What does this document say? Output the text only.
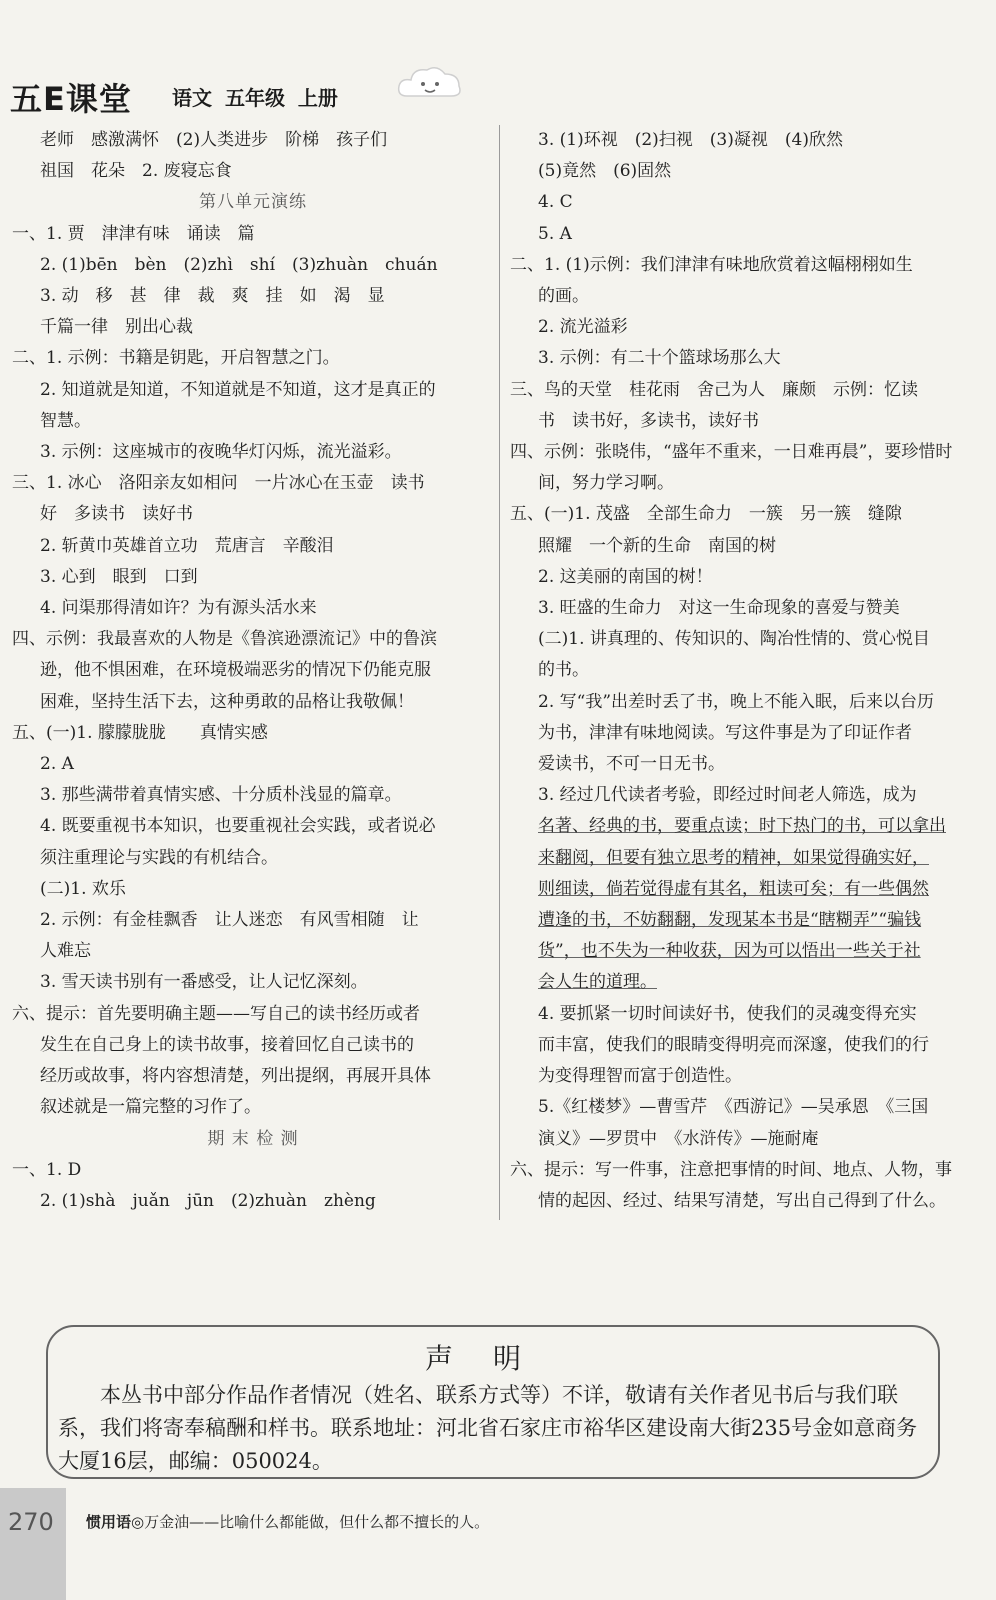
五E课堂 语文 五年级 上册
老师　感激满怀　(2)人类进步　阶梯　孩子们
祖国　花朵　2. 废寝忘食
第八单元演练
一、1. 贾　津津有味　诵读　篇
2. (1)bēn　bèn　(2)zhì　shí　(3)zhuàn　chuán
3. 动　移　甚　律　裁　爽　挂　如　渴　显
千篇一律　别出心裁
二、1. 示例：书籍是钥匙，开启智慧之门。
2. 知道就是知道，不知道就是不知道，这才是真正的
智慧。
3. 示例：这座城市的夜晚华灯闪烁，流光溢彩。
三、1. 冰心　洛阳亲友如相问　一片冰心在玉壶　读书
好　多读书　读好书
2. 斩黄巾英雄首立功　荒唐言　辛酸泪
3. 心到　眼到　口到
4. 问渠那得清如许？为有源头活水来
四、示例：我最喜欢的人物是《鲁滨逊漂流记》中的鲁滨
逊，他不惧困难，在环境极端恶劣的情况下仍能克服
困难，坚持生活下去，这种勇敢的品格让我敬佩！
五、(一)1. 朦朦胧胧　　真情实感
2. A
3. 那些满带着真情实感、十分质朴浅显的篇章。
4. 既要重视书本知识，也要重视社会实践，或者说必
须注重理论与实践的有机结合。
(二)1. 欢乐
2. 示例：有金桂飘香　让人迷恋　有风雪相随　让
人难忘
3. 雪天读书别有一番感受，让人记忆深刻。
六、提示：首先要明确主题——写自己的读书经历或者
发生在自己身上的读书故事，接着回忆自己读书的
经历或故事，将内容想清楚，列出提纲，再展开具体
叙述就是一篇完整的习作了。
期 末 检 测
一、1. D
2. (1)shà　juǎn　jūn　(2)zhuàn　zhèng
3. (1)环视　(2)扫视　(3)凝视　(4)欣然
(5)竟然　(6)固然
4. C
5. A
二、1. (1)示例：我们津津有味地欣赏着这幅栩栩如生
的画。
2. 流光溢彩
3. 示例：有二十个篮球场那么大
三、鸟的天堂　桂花雨　舍己为人　廉颇　示例：忆读
书　读书好，多读书，读好书
四、示例：张晓伟，“盛年不重来，一日难再晨”，要珍惜时
间，努力学习啊。
五、(一)1. 茂盛　全部生命力　一簇　另一簇　缝隙
照耀　一个新的生命　南国的树
2. 这美丽的南国的树！
3. 旺盛的生命力　对这一生命现象的喜爱与赞美
(二)1. 讲真理的、传知识的、陶冶性情的、赏心悦目
的书。
2. 写“我”出差时丢了书，晚上不能入眠，后来以台历
为书，津津有味地阅读。写这件事是为了印证作者
爱读书，不可一日无书。
3. 经过几代读者考验，即经过时间老人筛选，成为
名著、经典的书，要重点读；时下热门的书，可以拿出
来翻阅，但要有独立思考的精神，如果觉得确实好，
则细读，倘若觉得虚有其名，粗读可矣；有一些偶然
遭逢的书，不妨翻翻，发现某本书是“瞎糊弄”“骗钱
货”，也不失为一种收获，因为可以悟出一些关于社
会人生的道理。
4. 要抓紧一切时间读好书，使我们的灵魂变得充实
而丰富，使我们的眼睛变得明亮而深邃，使我们的行
为变得理智而富于创造性。
5.《红楼梦》—曹雪芹　《西游记》—吴承恩　《三国
演义》—罗贯中　《水浒传》—施耐庵
六、提示：写一件事，注意把事情的时间、地点、人物，事
情的起因、经过、结果写清楚，写出自己得到了什么。
声明

本丛书中部分作品作者情况（姓名、联系方式等）不详，敬请有关作者见书后与我们联系，我们将寄奉稿酬和样书。联系地址：河北省石家庄市裕华区建设南大街235号金如意商务大厦16层，邮编：050024。

270 惯用语◎万金油——比喻什么都能做，但什么都不擅长的人。
